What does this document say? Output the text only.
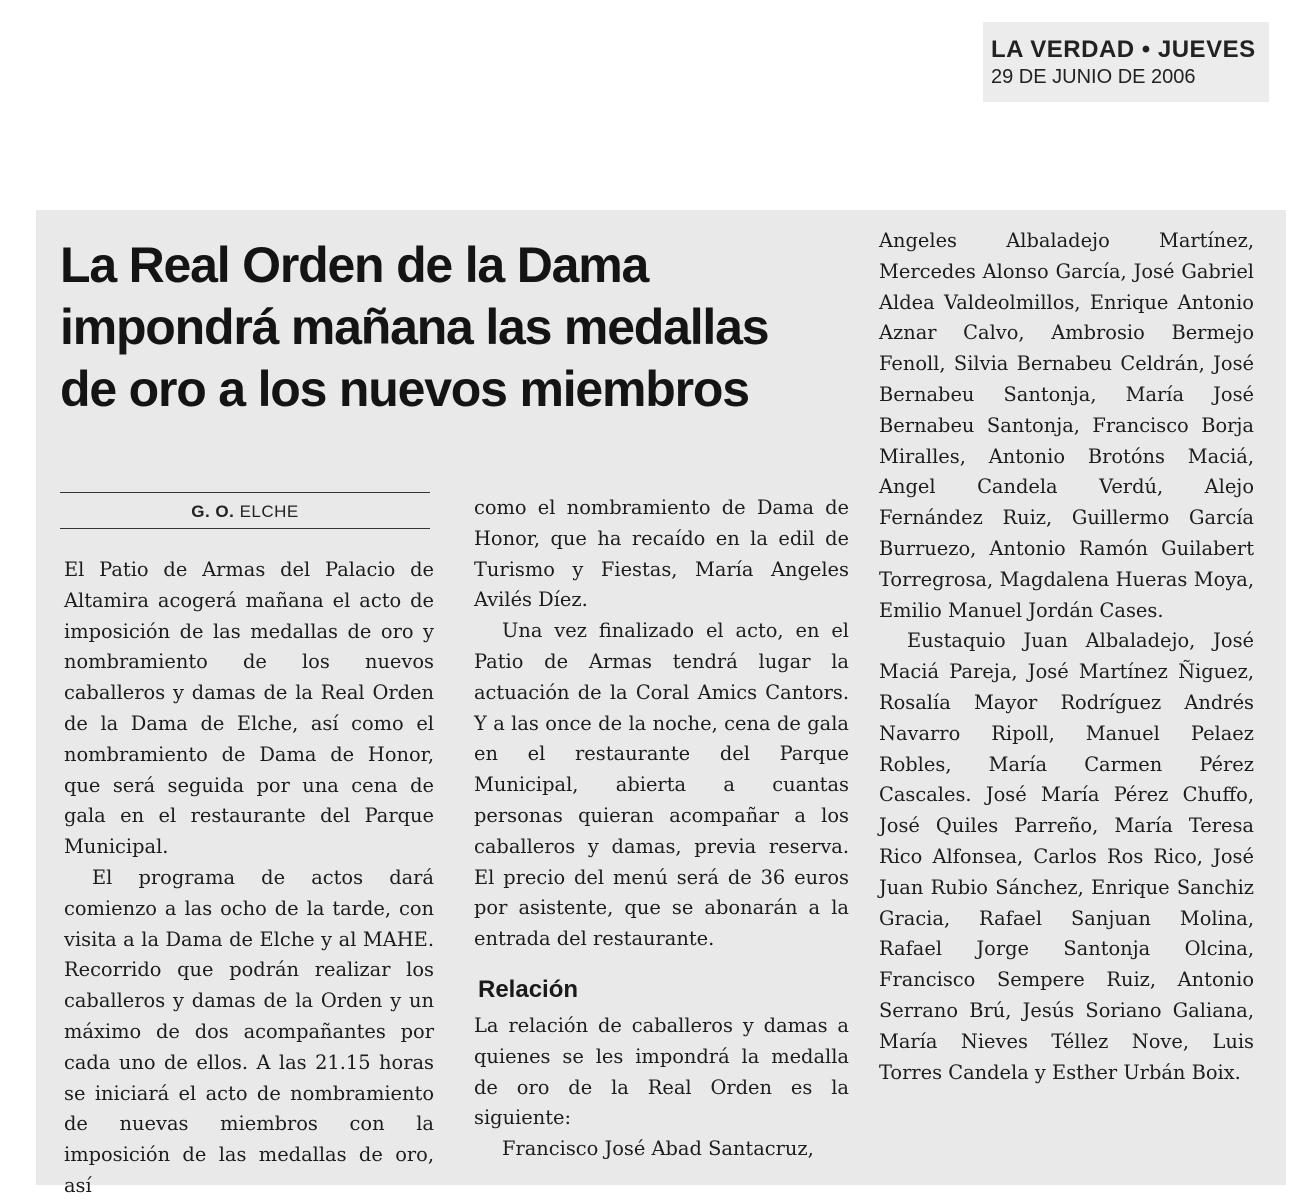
LA VERDAD • JUEVES
29 DE JUNIO DE 2006
La Real Orden de la Dama
impondrá mañana las medallas
de oro a los nuevos miembros
G. O. ELCHE

El Patio de Armas del Palacio de Altamira acogerá mañana el acto de imposición de las medallas de oro y nombramiento de los nuevos caballeros y damas de la Real Orden de la Dama de Elche, así como el nombramiento de Dama de Honor, que será seguida por una cena de gala en el restaurante del Parque Municipal.

El programa de actos dará comienzo a las ocho de la tarde, con visita a la Dama de Elche y al MAHE. Recorrido que podrán realizar los caballeros y damas de la Orden y un máximo de dos acompañantes por cada uno de ellos. A las 21.15 horas se iniciará el acto de nombramiento de nuevas miembros con la imposición de las medallas de oro, así

como el nombramiento de Dama de Honor, que ha recaído en la edil de Turismo y Fiestas, María Angeles Avilés Díez.

Una vez finalizado el acto, en el Patio de Armas tendrá lugar la actuación de la Coral Amics Cantors. Y a las once de la noche, cena de gala en el restaurante del Parque Municipal, abierta a cuantas personas quieran acompañar a los caballeros y damas, previa reserva. El precio del menú será de 36 euros por asistente, que se abonarán a la entrada del restaurante.

Relación

La relación de caballeros y damas a quienes se les impondrá la medalla de oro de la Real Orden es la siguiente:

Francisco José Abad Santacruz,

Angeles Albaladejo Martínez, Mercedes Alonso García, José Gabriel Aldea Valdeolmillos, Enrique Antonio Aznar Calvo, Ambrosio Bermejo Fenoll, Silvia Bernabeu Celdrán, José Bernabeu Santonja, María José Bernabeu Santonja, Francisco Borja Miralles, Antonio Brotóns Maciá, Angel Candela Verdú, Alejo Fernández Ruiz, Guillermo García Burruezo, Antonio Ramón Guilabert Torregrosa, Magdalena Hueras Moya, Emilio Manuel Jordán Cases.

Eustaquio Juan Albaladejo, José Maciá Pareja, José Martínez Ñiguez, Rosalía Mayor Rodríguez Andrés Navarro Ripoll, Manuel Pelaez Robles, María Carmen Pérez Cascales. José María Pérez Chuffo, José Quiles Parreño, María Teresa Rico Alfonsea, Carlos Ros Rico, José Juan Rubio Sánchez, Enrique Sanchiz Gracia, Rafael Sanjuan Molina, Rafael Jorge Santonja Olcina, Francisco Sempere Ruiz, Antonio Serrano Brú, Jesús Soriano Galiana, María Nieves Téllez Nove, Luis Torres Candela y Esther Urbán Boix.
